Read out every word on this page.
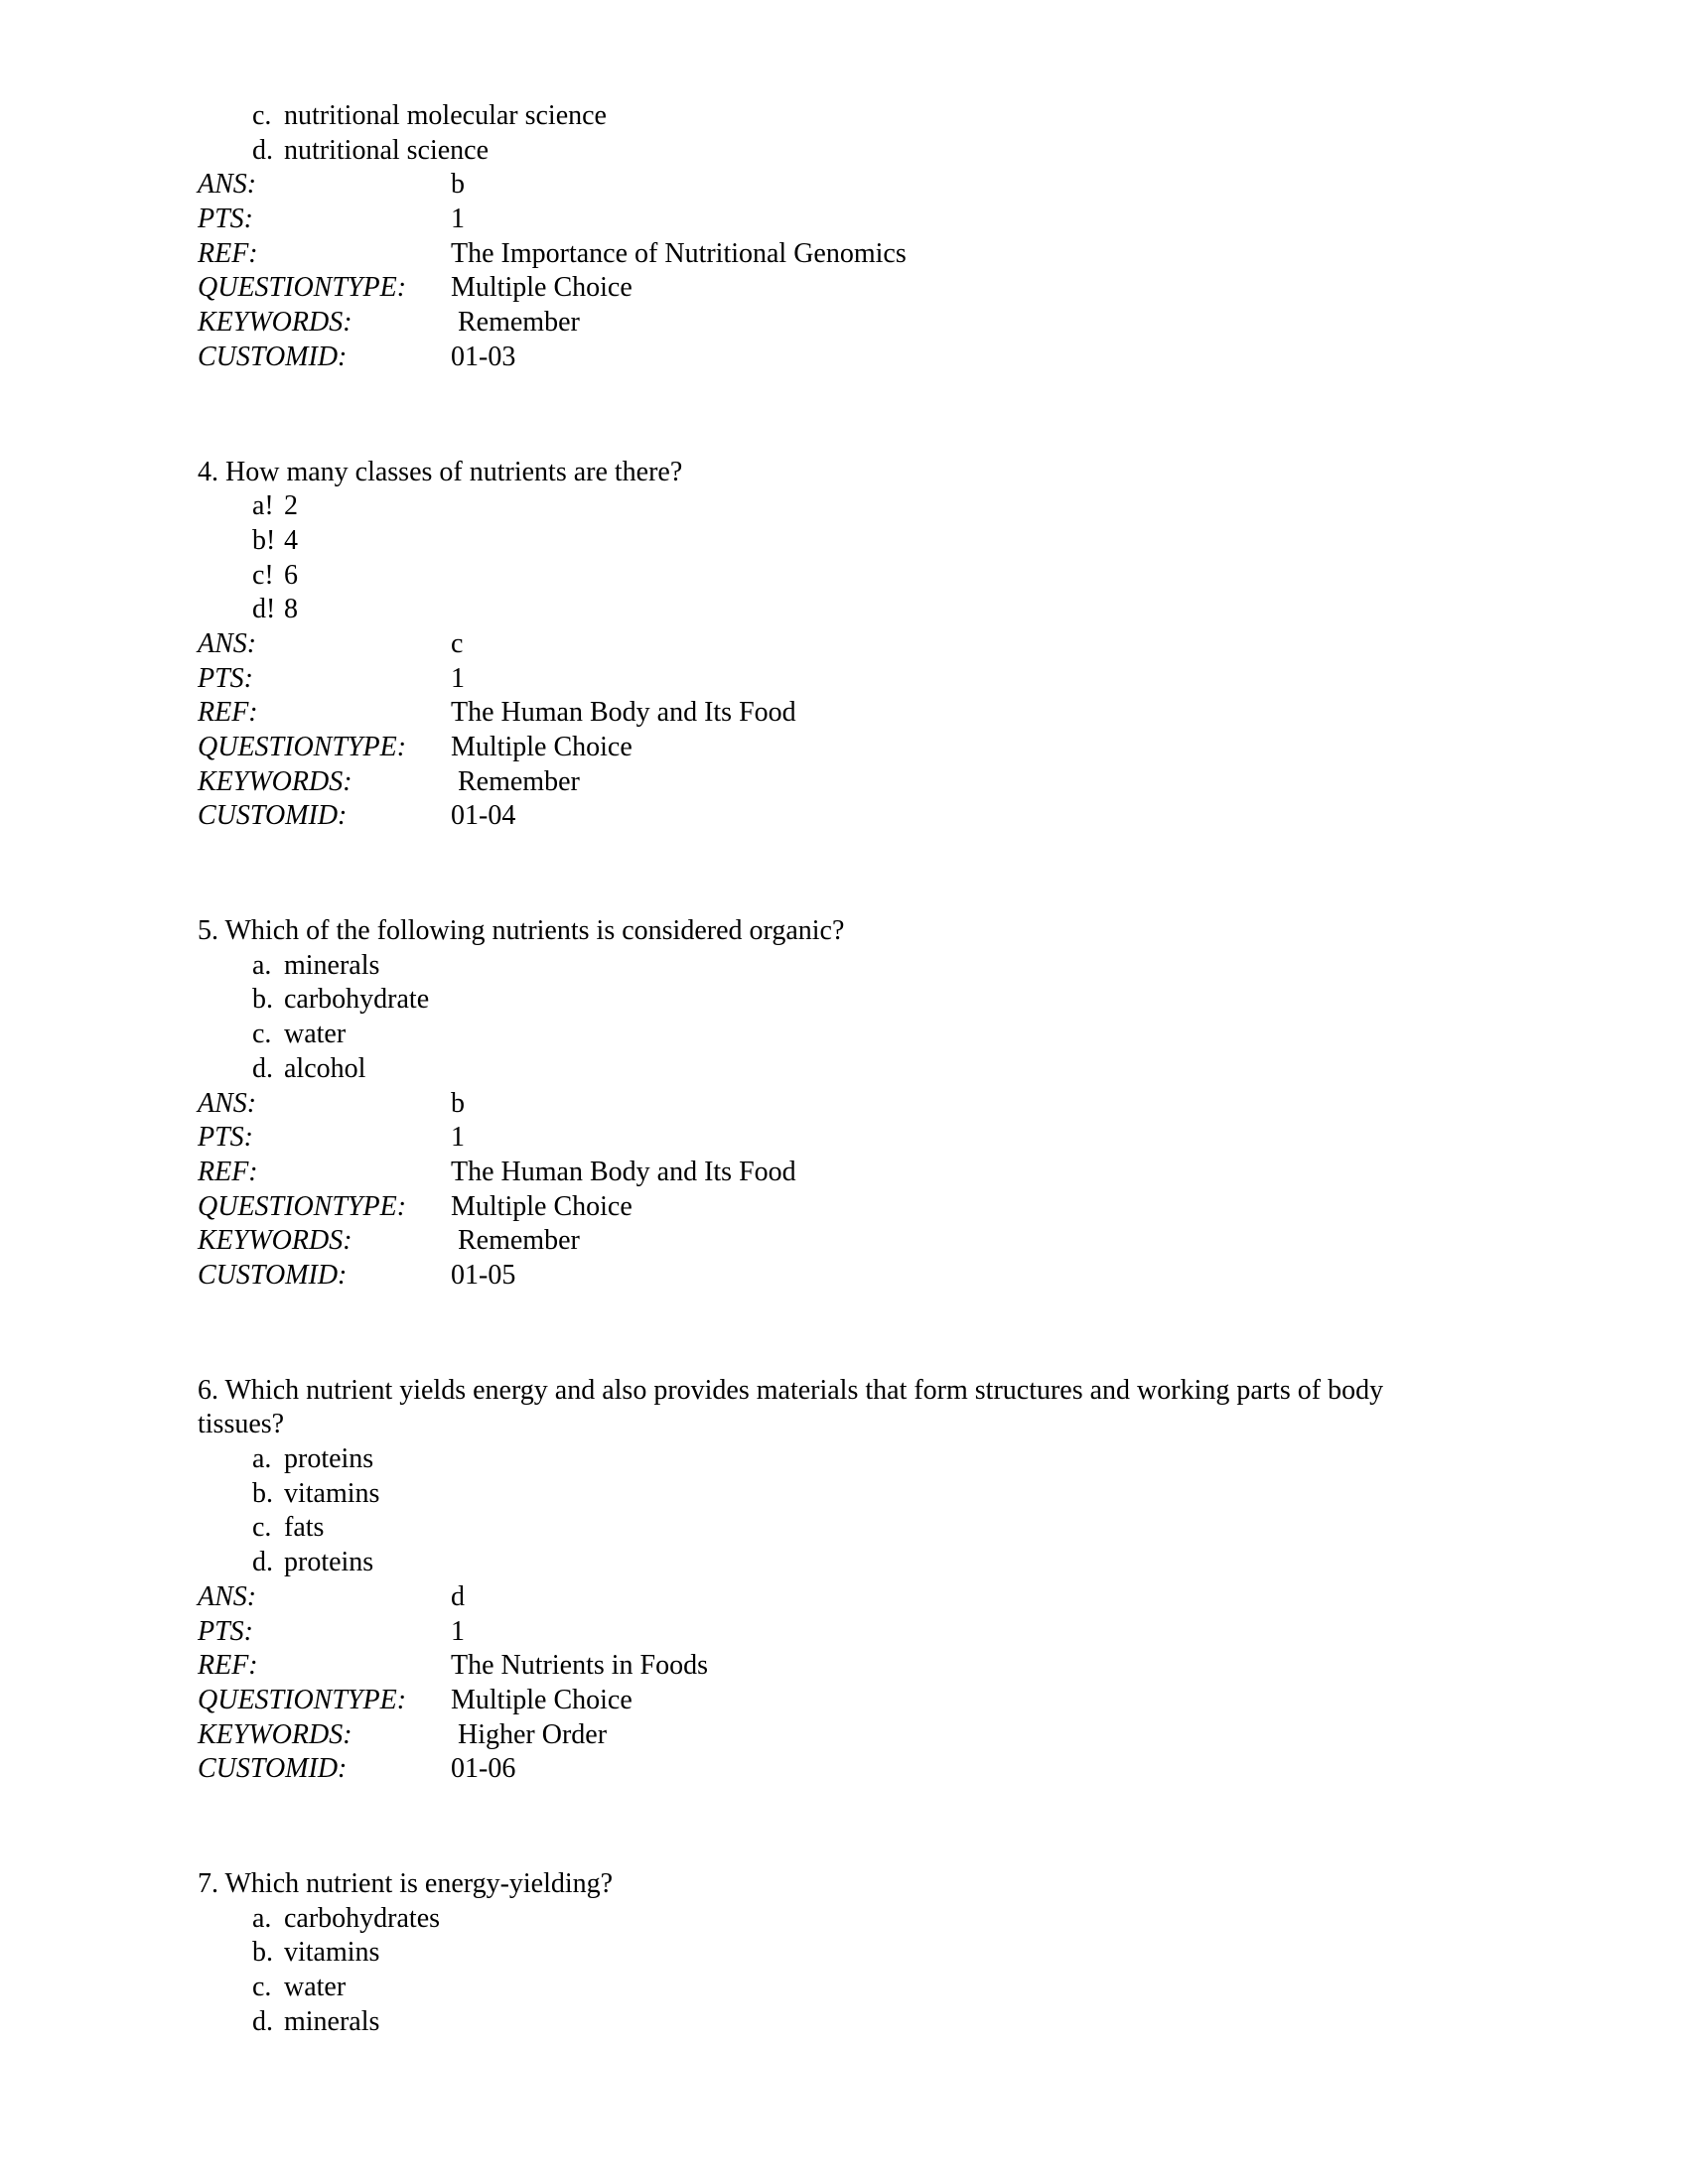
c. nutritional molecular science
d. nutritional science
ANS:	b
PTS:	1
REF:	The Importance of Nutritional Genomics
QUESTIONTYPE:	Multiple Choice
KEYWORDS:	Remember
CUSTOMID:	01-03
4. How many classes of nutrients are there?
a! 2
b! 4
c! 6
d! 8
ANS:	c
PTS:	1
REF:	The Human Body and Its Food
QUESTIONTYPE:	Multiple Choice
KEYWORDS:	Remember
CUSTOMID:	01-04
5. Which of the following nutrients is considered organic?
a. minerals
b. carbohydrate
c. water
d. alcohol
ANS:	b
PTS:	1
REF:	The Human Body and Its Food
QUESTIONTYPE:	Multiple Choice
KEYWORDS:	Remember
CUSTOMID:	01-05
6. Which nutrient yields energy and also provides materials that form structures and working parts of body tissues?
a. proteins
b. vitamins
c. fats
d. proteins
ANS:	d
PTS:	1
REF:	The Nutrients in Foods
QUESTIONTYPE:	Multiple Choice
KEYWORDS:	Higher Order
CUSTOMID:	01-06
7. Which nutrient is energy-yielding?
a. carbohydrates
b. vitamins
c. water
d. minerals
